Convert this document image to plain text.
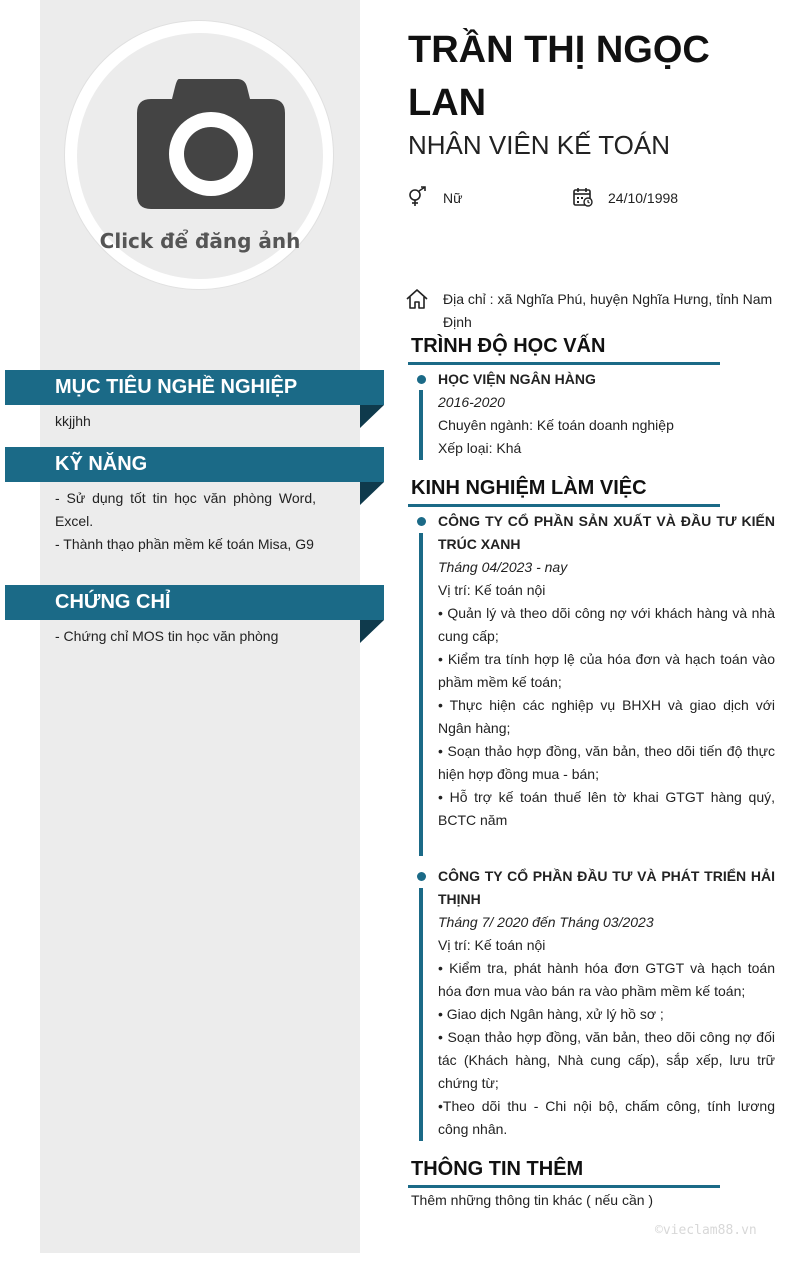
Click để đăng ảnh
MỤC TIÊU NGHỀ NGHIỆP
kkjjhh
KỸ NĂNG
- Sử dụng tốt tin học văn phòng Word, Excel.
- Thành thạo phần mềm kế toán Misa, G9
CHỨNG CHỈ
- Chứng chỉ MOS tin học văn phòng
TRẦN THỊ NGỌC LAN
NHÂN VIÊN KẾ TOÁN
Nữ	24/10/1998
Địa chỉ : xã Nghĩa Phú, huyện Nghĩa Hưng, tỉnh Nam Định
TRÌNH ĐỘ HỌC VẤN
HỌC VIỆN NGÂN HÀNG
2016-2020
Chuyên ngành: Kế toán doanh nghiệp
Xếp loại: Khá
KINH NGHIỆM LÀM VIỆC
CÔNG TY CỔ PHẦN SẢN XUẤT VÀ ĐẦU TƯ KIẾN TRÚC XANH
Tháng 04/2023 - nay
Vị trí: Kế toán nội
• Quản lý và theo dõi công nợ với khách hàng và nhà cung cấp;
• Kiểm tra tính hợp lệ của hóa đơn và hạch toán vào phầm mềm kế toán;
• Thực hiện các nghiệp vụ BHXH và giao dịch với Ngân hàng;
• Soạn thảo hợp đồng, văn bản, theo dõi tiến độ thực hiện hợp đồng mua - bán;
• Hỗ trợ kế toán thuế lên tờ khai GTGT hàng quý, BCTC năm
CÔNG TY CỔ PHẦN ĐẦU TƯ VÀ PHÁT TRIỂN HẢI THỊNH
Tháng 7/ 2020 đến Tháng 03/2023
Vị trí: Kế toán nội
• Kiểm tra, phát hành hóa đơn GTGT và hạch toán hóa đơn mua vào bán ra vào phầm mềm kế toán;
• Giao dịch Ngân hàng, xử lý hồ sơ ;
• Soạn thảo hợp đồng, văn bản, theo dõi công nợ đối tác (Khách hàng, Nhà cung cấp), sắp xếp, lưu trữ chứng từ;
•Theo dõi thu - Chi nội bộ, chấm công, tính lương công nhân.
THÔNG TIN THÊM
Thêm những thông tin khác ( nếu cần )
©vieclam88.vn
